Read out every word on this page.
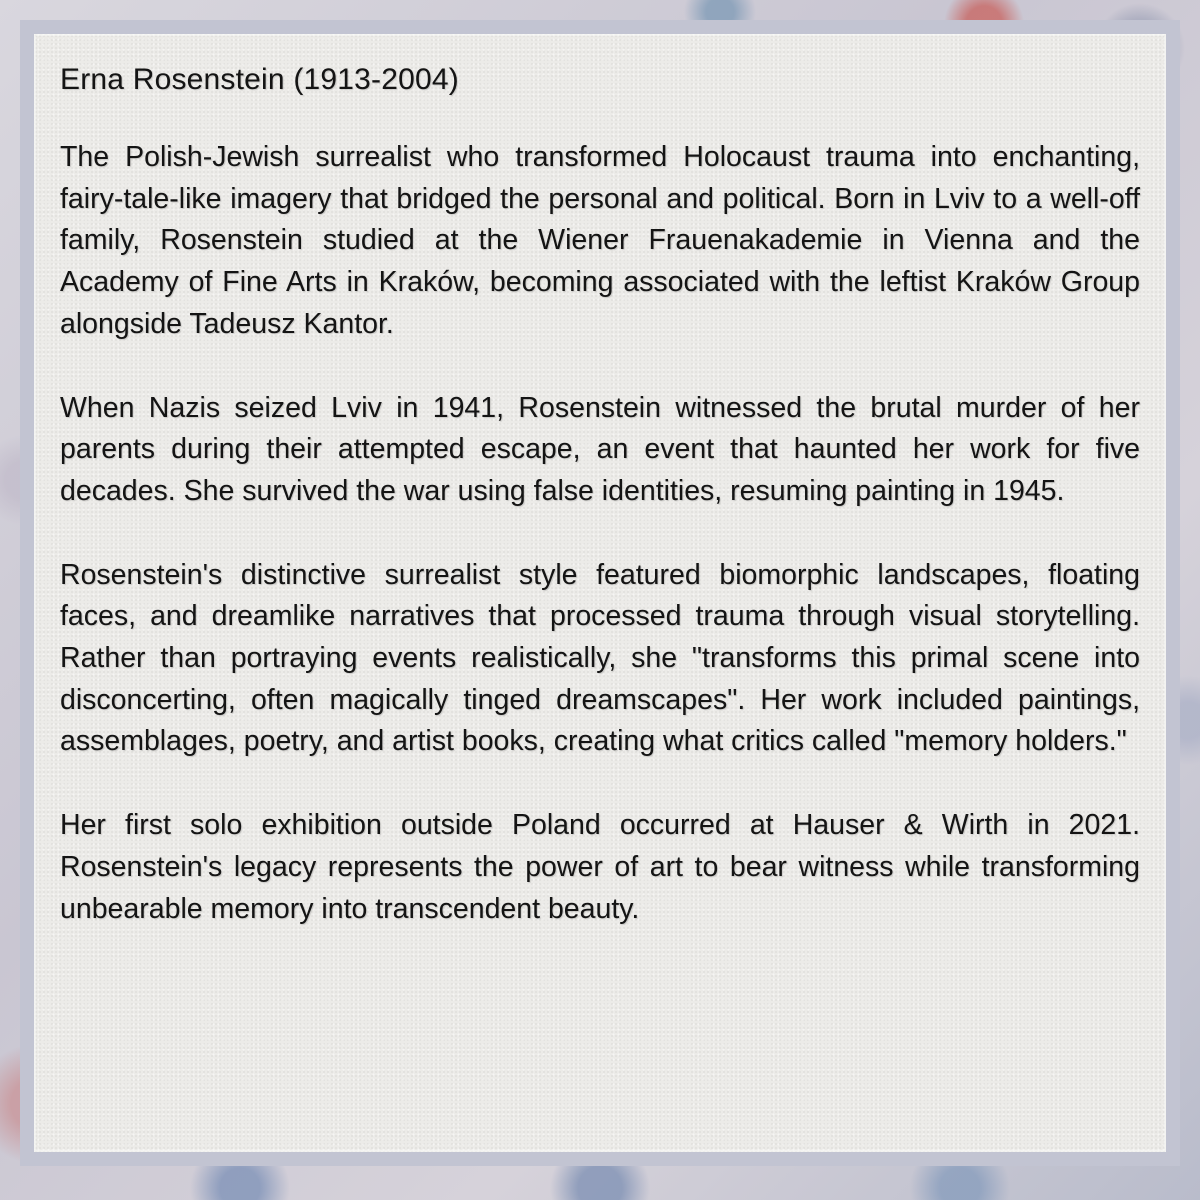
Erna Rosenstein (1913-2004)

The Polish-Jewish surrealist who transformed Holocaust trauma into enchanting, fairy-tale-like imagery that bridged the personal and political. Born in Lviv to a well-off family, Rosenstein studied at the Wiener Frauenakademie in Vienna and the Academy of Fine Arts in Kraków, becoming associated with the leftist Kraków Group alongside Tadeusz Kantor.

When Nazis seized Lviv in 1941, Rosenstein witnessed the brutal murder of her parents during their attempted escape, an event that haunted her work for five decades. She survived the war using false identities, resuming painting in 1945.

Rosenstein's distinctive surrealist style featured biomorphic landscapes, floating faces, and dreamlike narratives that processed trauma through visual storytelling. Rather than portraying events realistically, she "transforms this primal scene into disconcerting, often magically tinged dreamscapes". Her work included paintings, assemblages, poetry, and artist books, creating what critics called "memory holders."

Her first solo exhibition outside Poland occurred at Hauser & Wirth in 2021. Rosenstein's legacy represents the power of art to bear witness while transforming unbearable memory into transcendent beauty.
